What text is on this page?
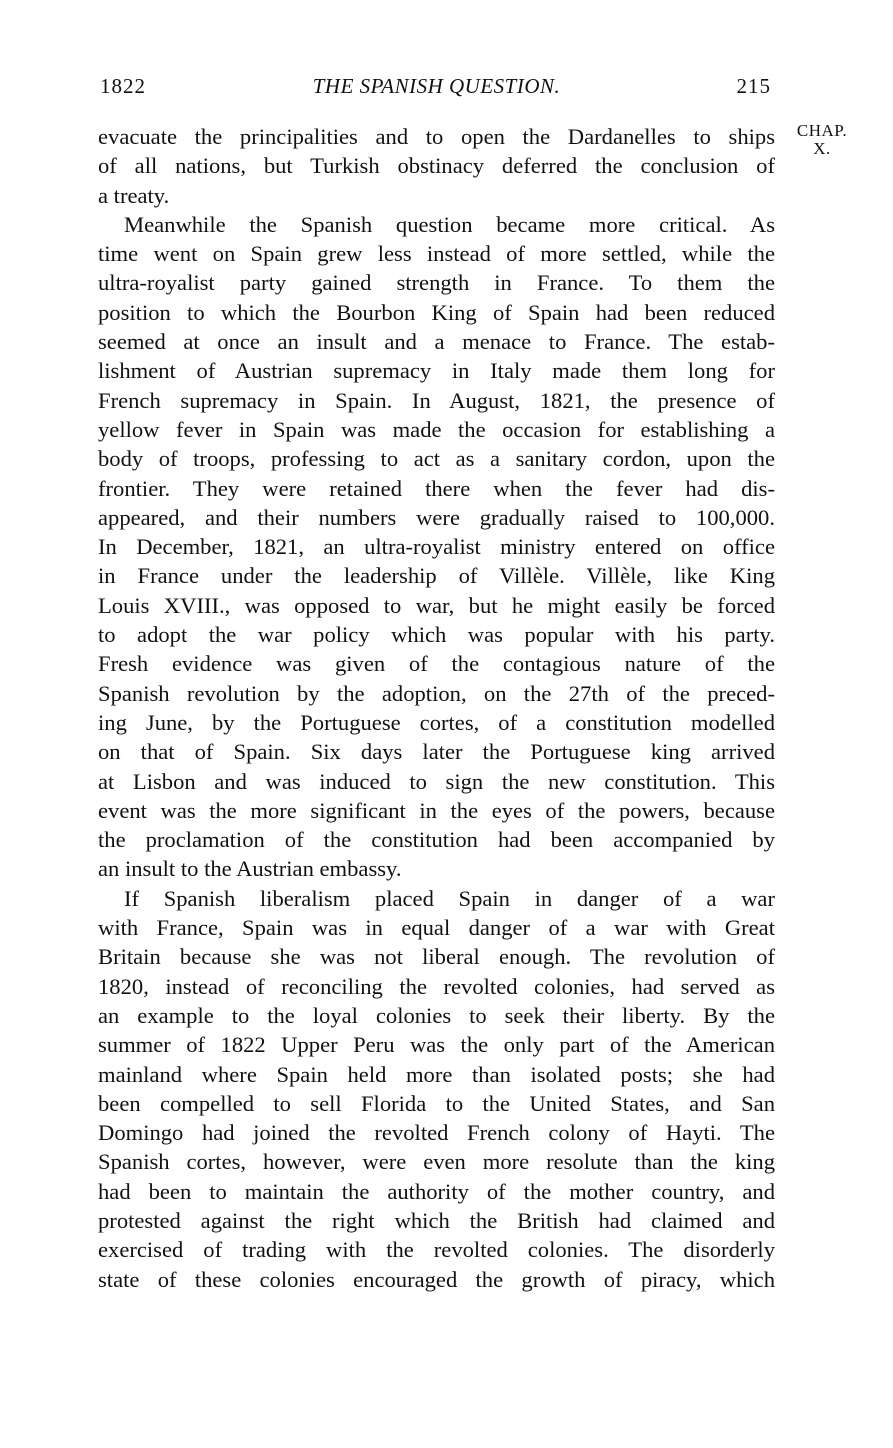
1822	THE SPANISH QUESTION.	215
CHAP.
X.
evacuate the principalities and to open the Dardanelles to ships
of all nations, but Turkish obstinacy deferred the conclusion of
a treaty.
Meanwhile the Spanish question became more critical. As
time went on Spain grew less instead of more settled, while the
ultra-royalist party gained strength in France. To them the
position to which the Bourbon King of Spain had been reduced
seemed at once an insult and a menace to France. The estab-
lishment of Austrian supremacy in Italy made them long for
French supremacy in Spain. In August, 1821, the presence of
yellow fever in Spain was made the occasion for establishing a
body of troops, professing to act as a sanitary cordon, upon the
frontier. They were retained there when the fever had dis-
appeared, and their numbers were gradually raised to 100,000.
In December, 1821, an ultra-royalist ministry entered on office
in France under the leadership of Villèle. Villèle, like King
Louis XVIII., was opposed to war, but he might easily be forced
to adopt the war policy which was popular with his party.
Fresh evidence was given of the contagious nature of the
Spanish revolution by the adoption, on the 27th of the preced-
ing June, by the Portuguese cortes, of a constitution modelled
on that of Spain. Six days later the Portuguese king arrived
at Lisbon and was induced to sign the new constitution. This
event was the more significant in the eyes of the powers, because
the proclamation of the constitution had been accompanied by
an insult to the Austrian embassy.
If Spanish liberalism placed Spain in danger of a war
with France, Spain was in equal danger of a war with Great
Britain because she was not liberal enough. The revolution of
1820, instead of reconciling the revolted colonies, had served as
an example to the loyal colonies to seek their liberty. By the
summer of 1822 Upper Peru was the only part of the American
mainland where Spain held more than isolated posts; she had
been compelled to sell Florida to the United States, and San
Domingo had joined the revolted French colony of Hayti. The
Spanish cortes, however, were even more resolute than the king
had been to maintain the authority of the mother country, and
protested against the right which the British had claimed and
exercised of trading with the revolted colonies. The disorderly
state of these colonies encouraged the growth of piracy, which
